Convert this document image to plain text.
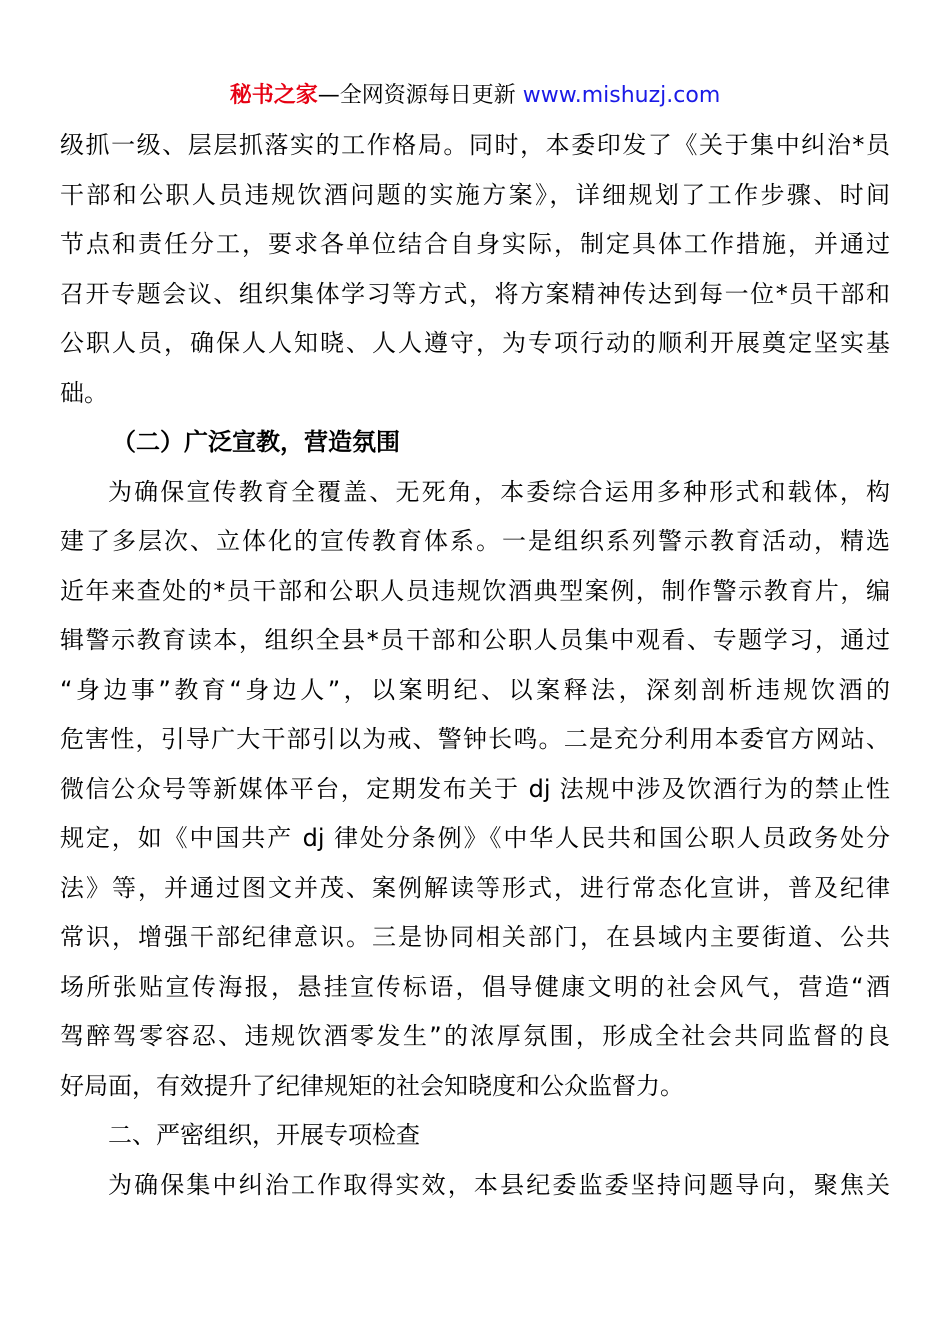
秘书之家—全网资源每日更新 www.mishuzj.com
级抓一级、层层抓落实的工作格局。同时，本委印发了《关于集中纠治*员
干部和公职人员违规饮酒问题的实施方案》，详细规划了工作步骤、时间
节点和责任分工，要求各单位结合自身实际，制定具体工作措施，并通过
召开专题会议、组织集体学习等方式，将方案精神传达到每一位*员干部和
公职人员，确保人人知晓、人人遵守，为专项行动的顺利开展奠定坚实基
础。
（二）广泛宣教，营造氛围
为确保宣传教育全覆盖、无死角，本委综合运用多种形式和载体，构
建了多层次、立体化的宣传教育体系。一是组织系列警示教育活动，精选
近年来查处的*员干部和公职人员违规饮酒典型案例，制作警示教育片，编
辑警示教育读本，组织全县*员干部和公职人员集中观看、专题学习，通过
“身边事”教育“身边人”，以案明纪、以案释法，深刻剖析违规饮酒的
危害性，引导广大干部引以为戒、警钟长鸣。二是充分利用本委官方网站、
微信公众号等新媒体平台，定期发布关于 dj 法规中涉及饮酒行为的禁止性
规定，如《中国共产 dj 律处分条例》《中华人民共和国公职人员政务处分
法》等，并通过图文并茂、案例解读等形式，进行常态化宣讲，普及纪律
常识，增强干部纪律意识。三是协同相关部门，在县域内主要街道、公共
场所张贴宣传海报，悬挂宣传标语，倡导健康文明的社会风气，营造“酒
驾醉驾零容忍、违规饮酒零发生”的浓厚氛围，形成全社会共同监督的良
好局面，有效提升了纪律规矩的社会知晓度和公众监督力。
二、严密组织，开展专项检查
为确保集中纠治工作取得实效，本县纪委监委坚持问题导向，聚焦关
